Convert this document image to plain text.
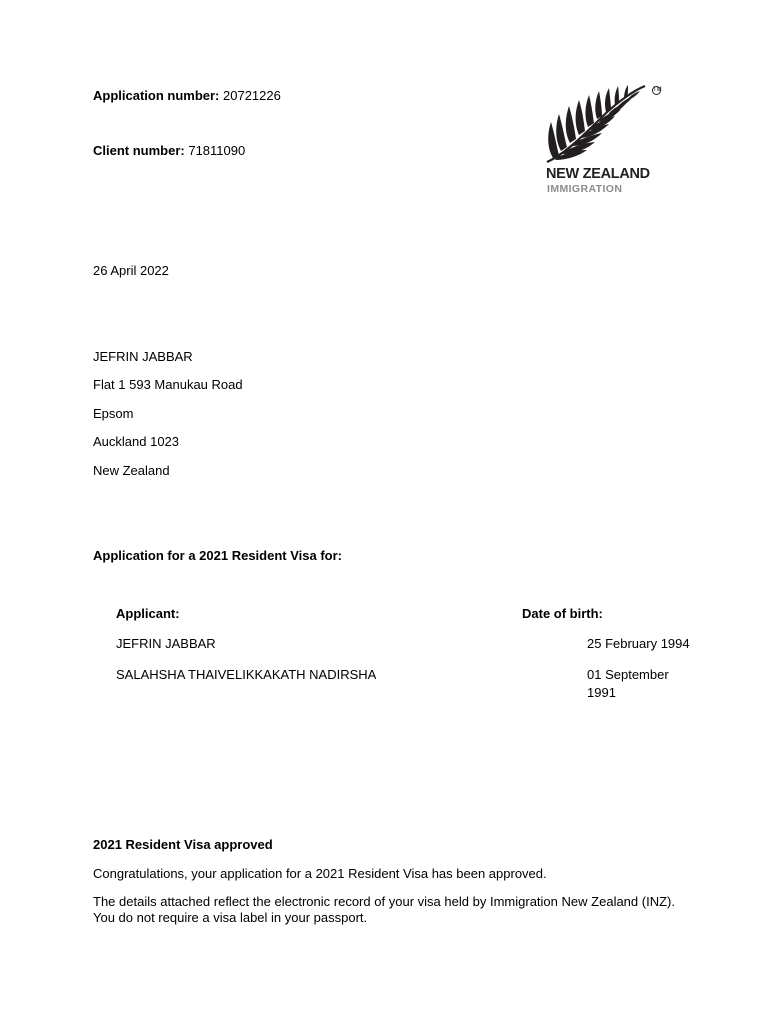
Application number: 20721226
Client number: 71811090
TM
NEW ZEALAND
IMMIGRATION
26 April 2022
JEFRIN JABBAR
Flat 1 593 Manukau Road
Epsom
Auckland 1023
New Zealand
Application for a 2021 Resident Visa for:
Applicant:	Date of birth:
JEFRIN JABBAR	25 February 1994
SALAHSHA THAIVELIKKAKATH NADIRSHA	01 September
1991
2021 Resident Visa approved
Congratulations, your application for a 2021 Resident Visa has been approved.
The details attached reflect the electronic record of your visa held by Immigration New Zealand (INZ). You do not require a visa label in your passport.
